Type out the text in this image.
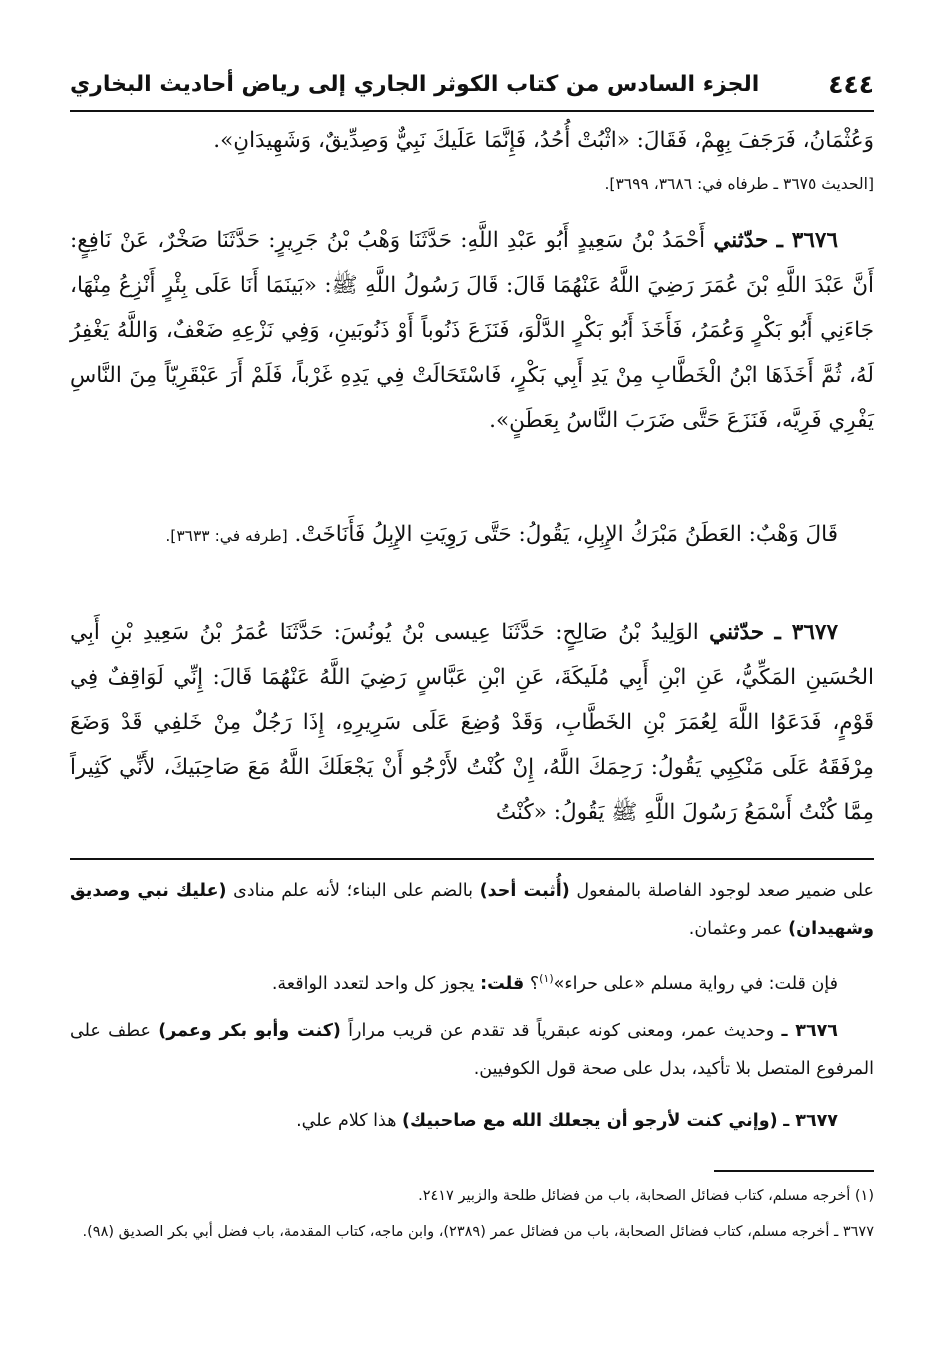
٤٤٤
الجزء السادس من كتاب الكوثر الجاري إلى رياض أحاديث البخاري
وَعُثْمَانُ، فَرَجَفَ بِهِمْ، فَقَالَ: «اثْبُتْ أُحُدُ، فَإِنَّمَا عَلَيكَ نَبِيٌّ وَصِدِّيقٌ، وَشَهِيدَانِ».
[الحديث ٣٦٧٥ ـ طرفاه في: ٣٦٨٦، ٣٦٩٩].
٣٦٧٦ ـ حدّثني أَحْمَدُ بْنُ سَعِيدٍ أَبُو عَبْدِ اللَّهِ: حَدَّثَنَا وَهْبُ بْنُ جَرِيرٍ: حَدَّثَنَا صَخْرٌ، عَنْ نَافِعٍ: أَنَّ عَبْدَ اللَّهِ بْنَ عُمَرَ رَضِيَ اللَّهُ عَنْهُمَا قَالَ: قَالَ رَسُولُ اللَّهِ ﷺ: «بَينَمَا أَنَا عَلَى بِئْرٍ أَنْزِعُ مِنْهَا، جَاءَنِي أَبُو بَكْرٍ وَعُمَرُ، فَأَخَذَ أَبُو بَكْرٍ الدَّلْوَ، فَنَزَعَ ذَنُوباً أَوْ ذَنُوبَينِ، وَفِي نَزْعِهِ ضَعْفٌ، وَاللَّهُ يَغْفِرُ لَهُ، ثُمَّ أَخَذَهَا ابْنُ الْخَطَّابِ مِنْ يَدِ أَبِي بَكْرٍ، فَاسْتَحَالَتْ فِي يَدِهِ غَرْباً، فَلَمْ أَرَ عَبْقَرِيّاً مِنَ النَّاسِ يَفْرِي فَرِيَّه، فَنَزَعَ حَتَّى ضَرَبَ النَّاسُ بِعَطَنٍ».
قَالَ وَهْبٌ: العَطَنُ مَبْرَكُ الإِبِلِ، يَقُولُ: حَتَّى رَوِيَتِ الإِبِلُ فَأَنَاخَتْ. [طرفه في: ٣٦٣٣].
٣٦٧٧ ـ حدّثني الوَلِيدُ بْنُ صَالِحٍ: حَدَّثَنَا عِيسى بْنُ يُونُسَ: حَدَّثَنَا عُمَرُ بْنُ سَعِيدِ بْنِ أَبِي الحُسَينِ المَكِّيُّ، عَنِ ابْنِ أَبِي مُلَيكَةَ، عَنِ ابْنِ عَبَّاسٍ رَضِيَ اللَّهُ عَنْهُمَا قَالَ: إِنِّي لَوَاقِفٌ فِي قَوْمٍ، فَدَعَوُا اللَّهَ لِعُمَرَ بْنِ الخَطَّابِ، وَقَدْ وُضِعَ عَلَى سَرِيرِهِ، إِذَا رَجُلٌ مِنْ خَلفِي قَدْ وَضَعَ مِرْفَقَهُ عَلَى مَنْكِبِي يَقُولُ: رَحِمَكَ اللَّهُ، إِنْ كُنْتُ لأَرْجُو أَنْ يَجْعَلَكَ اللَّهُ مَعَ صَاحِبَيكَ، لأَنِّي كَثِيراً مِمَّا كُنْتُ أَسْمَعُ رَسُولَ اللَّهِ ﷺ يَقُولُ: «كُنْتُ
على ضمير صعد لوجود الفاصلة بالمفعول (أُثبت أحد) بالضم على البناء؛ لأنه علم منادى (عليك نبي وصديق وشهيدان) عمر وعثمان.
فإن قلت: في رواية مسلم «على حراء»$^{(١)}$؟ قلت: يجوز كل واحد لتعدد الواقعة.
٣٦٧٦ ـ وحديث عمر، ومعنى كونه عبقرياً قد تقدم عن قريب مراراً (كنت وأبو بكر وعمر) عطف على المرفوع المتصل بلا تأكيد، بدل على صحة قول الكوفيين.
٣٦٧٧ ـ (وإني كنت لأرجو أن يجعلك الله مع صاحبيك) هذا كلام علي.
(١) أخرجه مسلم، كتاب فضائل الصحابة، باب من فضائل طلحة والزبير ٢٤١٧.
٣٦٧٧ ـ أخرجه مسلم، كتاب فضائل الصحابة، باب من فضائل عمر (٢٣٨٩)، وابن ماجه، كتاب المقدمة، باب فضل أبي بكر الصديق (٩٨).
